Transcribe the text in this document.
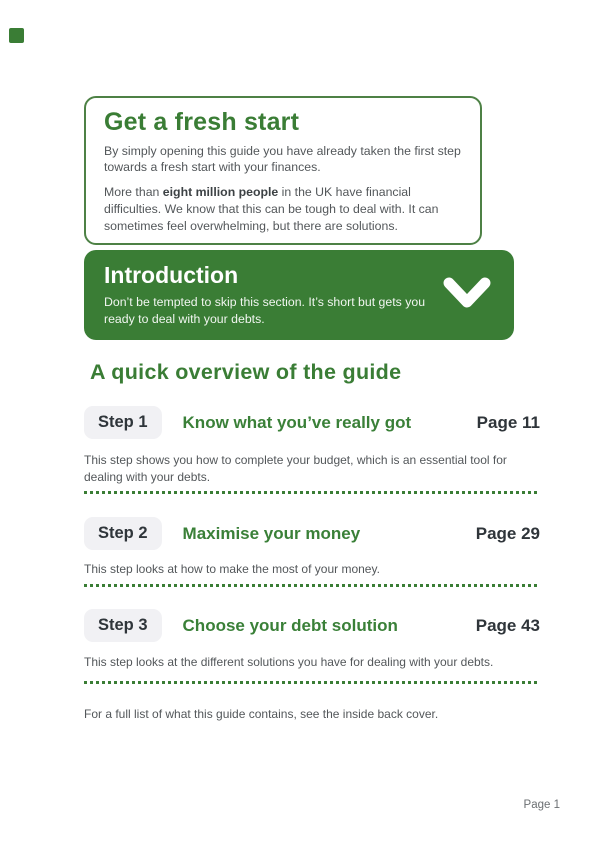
Get a fresh start

By simply opening this guide you have already taken the first step towards a fresh start with your finances.

More than eight million people in the UK have financial difficulties. We know that this can be tough to deal with. It can sometimes feel overwhelming, but there are solutions.

Introduction

Don’t be tempted to skip this section. It’s short but gets you ready to deal with your debts.

A quick overview of the guide
Step 1	Know what you’ve really got	Page 11

This step shows you how to complete your budget, which is an essential tool for dealing with your debts.

Step 2	Maximise your money	Page 29

This step looks at how to make the most of your money.

Step 3	Choose your debt solution	Page 43

This step looks at the different solutions you have for dealing with your debts.

For a full list of what this guide contains, see the inside back cover.

Page 1
